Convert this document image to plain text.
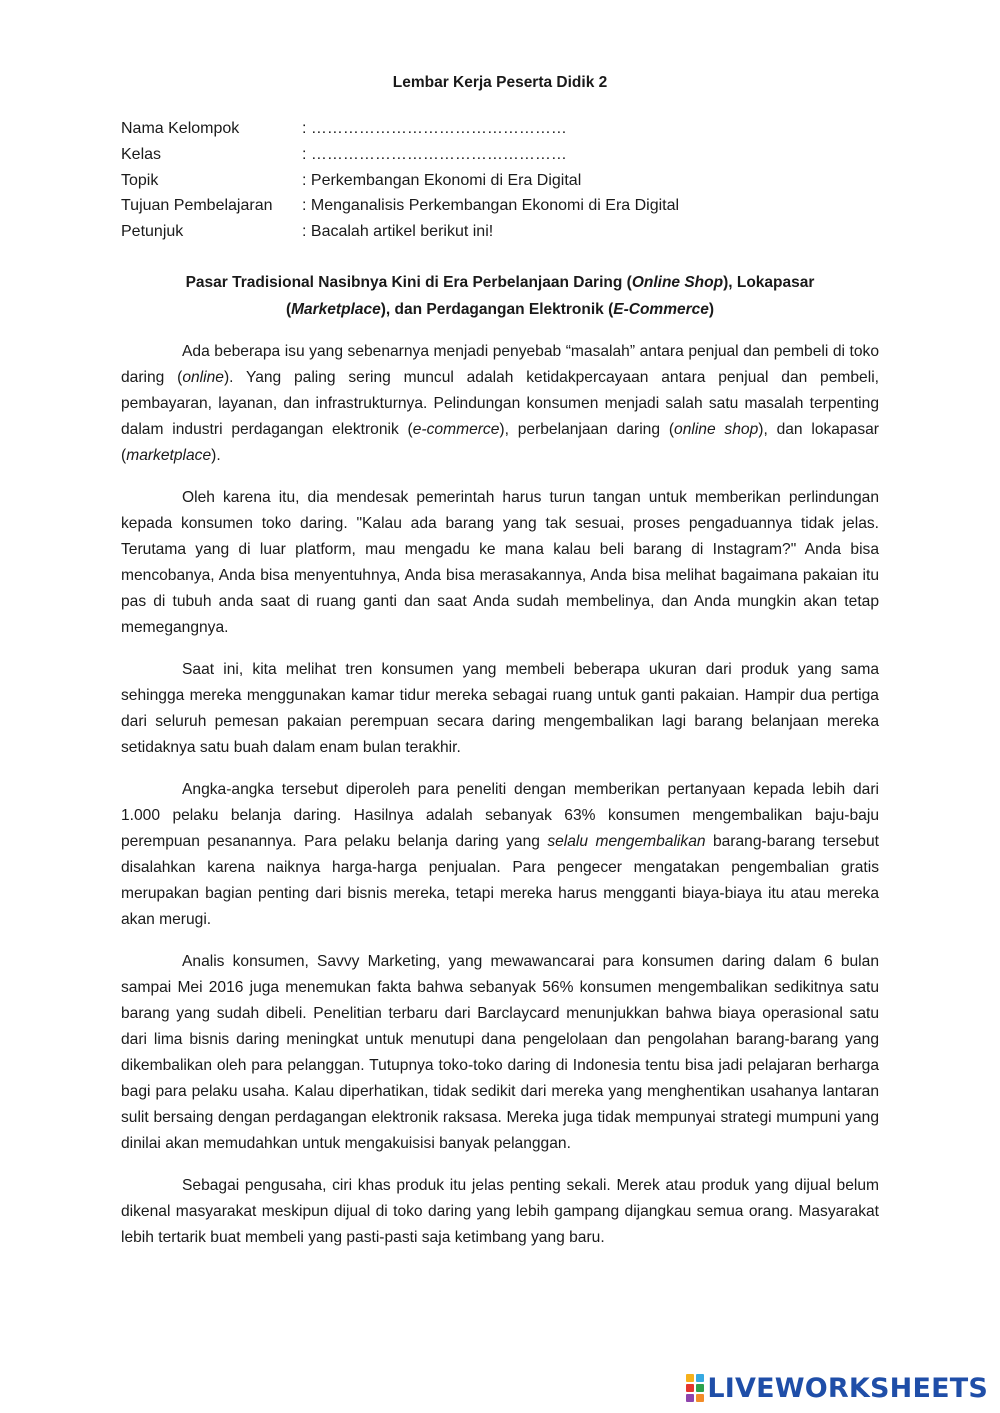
Lembar Kerja Peserta Didik 2
Nama Kelompok	: …………………………………………
Kelas	: …………………………………………
Topik	: Perkembangan Ekonomi di Era Digital
Tujuan Pembelajaran	: Menganalisis Perkembangan Ekonomi di Era Digital
Petunjuk	: Bacalah artikel berikut ini!
Pasar Tradisional Nasibnya Kini di Era Perbelanjaan Daring (Online Shop), Lokapasar (Marketplace), dan Perdagangan Elektronik (E-Commerce)

Ada beberapa isu yang sebenarnya menjadi penyebab “masalah” antara penjual dan pembeli di toko daring (online). Yang paling sering muncul adalah ketidakpercayaan antara penjual dan pembeli, pembayaran, layanan, dan infrastrukturnya. Pelindungan konsumen menjadi salah satu masalah terpenting dalam industri perdagangan elektronik (e-commerce), perbelanjaan daring (online shop), dan lokapasar (marketplace).

Oleh karena itu, dia mendesak pemerintah harus turun tangan untuk memberikan perlindungan kepada konsumen toko daring. "Kalau ada barang yang tak sesuai, proses pengaduannya tidak jelas. Terutama yang di luar platform, mau mengadu ke mana kalau beli barang di Instagram?" Anda bisa mencobanya, Anda bisa menyentuhnya, Anda bisa merasakannya, Anda bisa melihat bagaimana pakaian itu pas di tubuh anda saat di ruang ganti dan saat Anda sudah membelinya, dan Anda mungkin akan tetap memegangnya.

Saat ini, kita melihat tren konsumen yang membeli beberapa ukuran dari produk yang sama sehingga mereka menggunakan kamar tidur mereka sebagai ruang untuk ganti pakaian. Hampir dua pertiga dari seluruh pemesan pakaian perempuan secara daring mengembalikan lagi barang belanjaan mereka setidaknya satu buah dalam enam bulan terakhir.

Angka-angka tersebut diperoleh para peneliti dengan memberikan pertanyaan kepada lebih dari 1.000 pelaku belanja daring. Hasilnya adalah sebanyak 63% konsumen mengembalikan baju-baju perempuan pesanannya. Para pelaku belanja daring yang selalu mengembalikan barang-barang tersebut disalahkan karena naiknya harga-harga penjualan. Para pengecer mengatakan pengembalian gratis merupakan bagian penting dari bisnis mereka, tetapi mereka harus mengganti biaya-biaya itu atau mereka akan merugi.

Analis konsumen, Savvy Marketing, yang mewawancarai para konsumen daring dalam 6 bulan sampai Mei 2016 juga menemukan fakta bahwa sebanyak 56% konsumen mengembalikan sedikitnya satu barang yang sudah dibeli. Penelitian terbaru dari Barclaycard menunjukkan bahwa biaya operasional satu dari lima bisnis daring meningkat untuk menutupi dana pengelolaan dan pengolahan barang-barang yang dikembalikan oleh para pelanggan. Tutupnya toko-toko daring di Indonesia tentu bisa jadi pelajaran berharga bagi para pelaku usaha. Kalau diperhatikan, tidak sedikit dari mereka yang menghentikan usahanya lantaran sulit bersaing dengan perdagangan elektronik raksasa. Mereka juga tidak mempunyai strategi mumpuni yang dinilai akan memudahkan untuk mengakuisisi banyak pelanggan.

Sebagai pengusaha, ciri khas produk itu jelas penting sekali. Merek atau produk yang dijual belum dikenal masyarakat meskipun dijual di toko daring yang lebih gampang dijangkau semua orang. Masyarakat lebih tertarik buat membeli yang pasti-pasti saja ketimbang yang baru.

LIVEWORKSHEETS
